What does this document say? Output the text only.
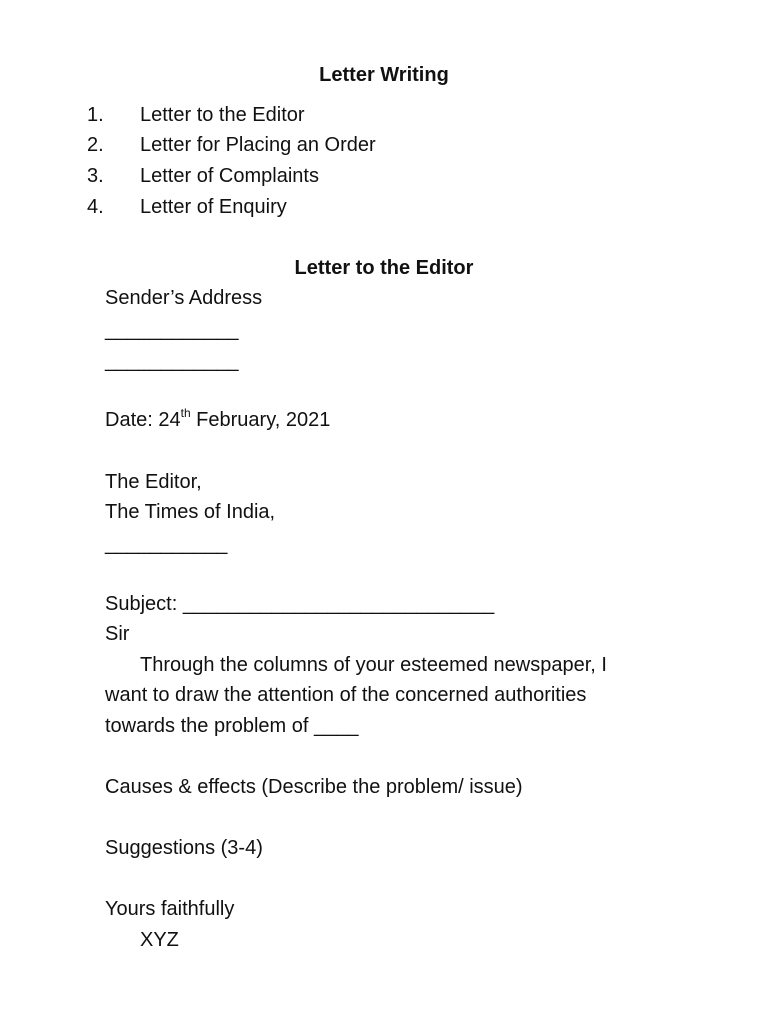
Letter Writing
1. Letter to the Editor
2. Letter for Placing an Order
3. Letter of Complaints
4. Letter of Enquiry
Letter to the Editor
Sender’s Address
____________
____________
Date: 24th February, 2021
The Editor,
The Times of India,
___________
Subject: ____________________________
Sir
Through the columns of your esteemed newspaper, I
want to draw the attention of the concerned authorities
towards the problem of ____
Causes & effects (Describe the problem/ issue)
Suggestions (3-4)
Yours faithfully
XYZ
